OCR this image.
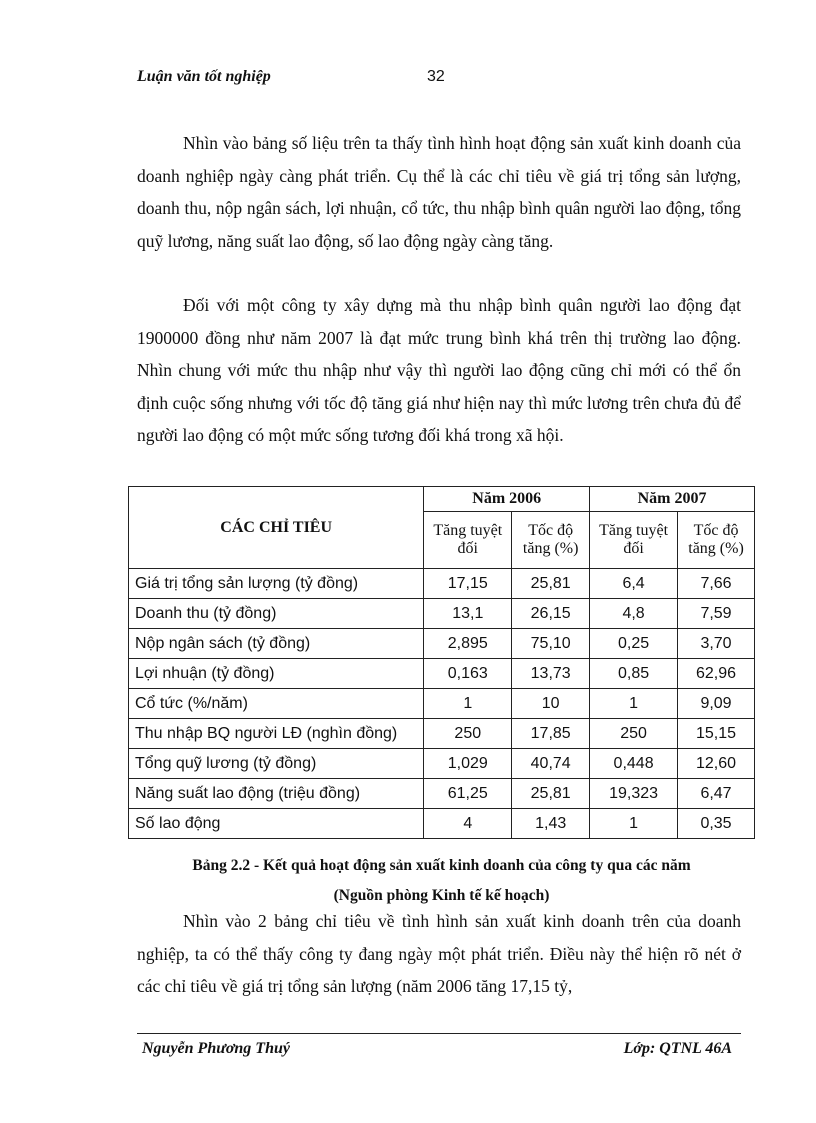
Luận văn tốt nghiệp	32

Nhìn vào bảng số liệu trên ta thấy tình hình hoạt động sản xuất kinh doanh của doanh nghiệp ngày càng phát triển. Cụ thể là các chỉ tiêu về giá trị tổng sản lượng, doanh thu, nộp ngân sách, lợi nhuận, cổ tức, thu nhập bình quân người lao động, tổng quỹ lương, năng suất lao động, số lao động ngày càng tăng.

Đối với một công ty xây dựng mà thu nhập bình quân người lao động đạt 1900000 đồng như năm 2007 là đạt mức trung bình khá trên thị trường lao động. Nhìn chung với mức thu nhập như vậy thì người lao động cũng chỉ mới có thể ổn định cuộc sống nhưng với tốc độ tăng giá như hiện nay thì mức lương trên chưa đủ để người lao động có một mức sống tương đối khá trong xã hội.

CÁC CHỈ TIÊU	Năm 2006		Năm 2007	
	Tăng tuyệt đối	Tốc độ tăng (%)	Tăng tuyệt đối	Tốc độ tăng (%)
Giá trị tổng sản lượng (tỷ đồng)	17,15	25,81	6,4	7,66
Doanh thu (tỷ đồng)	13,1	26,15	4,8	7,59
Nộp ngân sách (tỷ đồng)	2,895	75,10	0,25	3,70
Lợi nhuận (tỷ đồng)	0,163	13,73	0,85	62,96
Cổ tức (%/năm)	1	10	1	9,09
Thu nhập BQ người LĐ (nghìn đồng)	250	17,85	250	15,15
Tổng quỹ lương (tỷ đồng)	1,029	40,74	0,448	12,60
Năng suất lao động (triệu đồng)	61,25	25,81	19,323	6,47
Số lao động	4	1,43	1	0,35
Bảng 2.2 - Kết quả hoạt động sản xuất kinh doanh của công ty qua các năm
(Nguồn phòng Kinh tế kế hoạch)

Nhìn vào 2 bảng chỉ tiêu về tình hình sản xuất kinh doanh trên của doanh nghiệp, ta có thể thấy công ty đang ngày một phát triển. Điều này thể hiện rõ nét ở các chỉ tiêu về giá trị tổng sản lượng (năm 2006 tăng 17,15 tỷ,

Nguyễn Phương Thuý	Lớp: QTNL 46A
